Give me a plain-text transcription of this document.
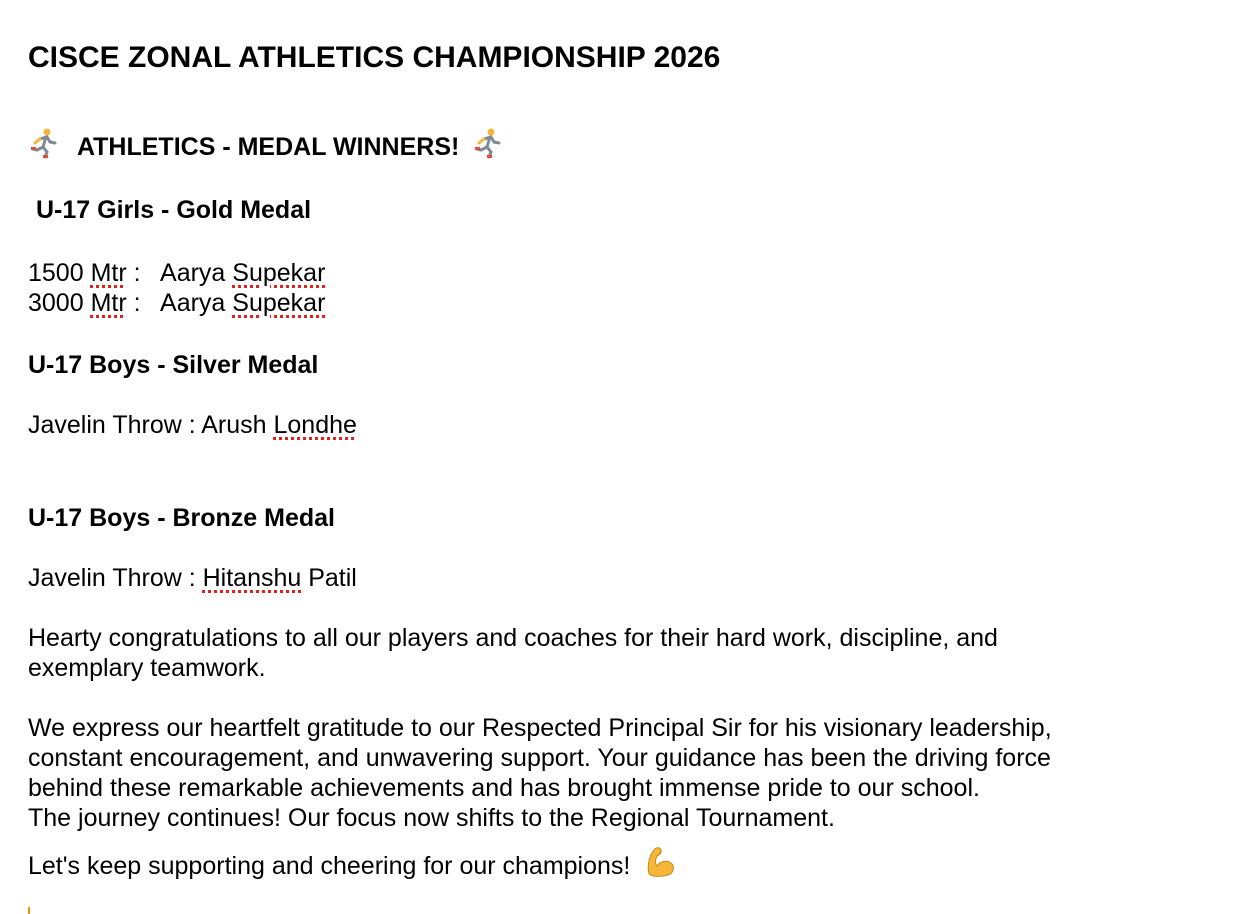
CISCE ZONAL ATHLETICS CHAMPIONSHIP 2026
ATHLETICS - MEDAL WINNERS!
U-17 Girls - Gold Medal
1500 Mtr :   Aarya Supekar
3000 Mtr :   Aarya Supekar
U-17 Boys - Silver Medal
Javelin Throw : Arush Londhe
U-17 Boys - Bronze Medal
Javelin Throw : Hitanshu Patil
Hearty congratulations to all our players and coaches for their hard work, discipline, and
exemplary teamwork.
We express our heartfelt gratitude to our Respected Principal Sir for his visionary leadership,
constant encouragement, and unwavering support. Your guidance has been the driving force
behind these remarkable achievements and has brought immense pride to our school.
The journey continues! Our focus now shifts to the Regional Tournament.
Let's keep supporting and cheering for our champions!
